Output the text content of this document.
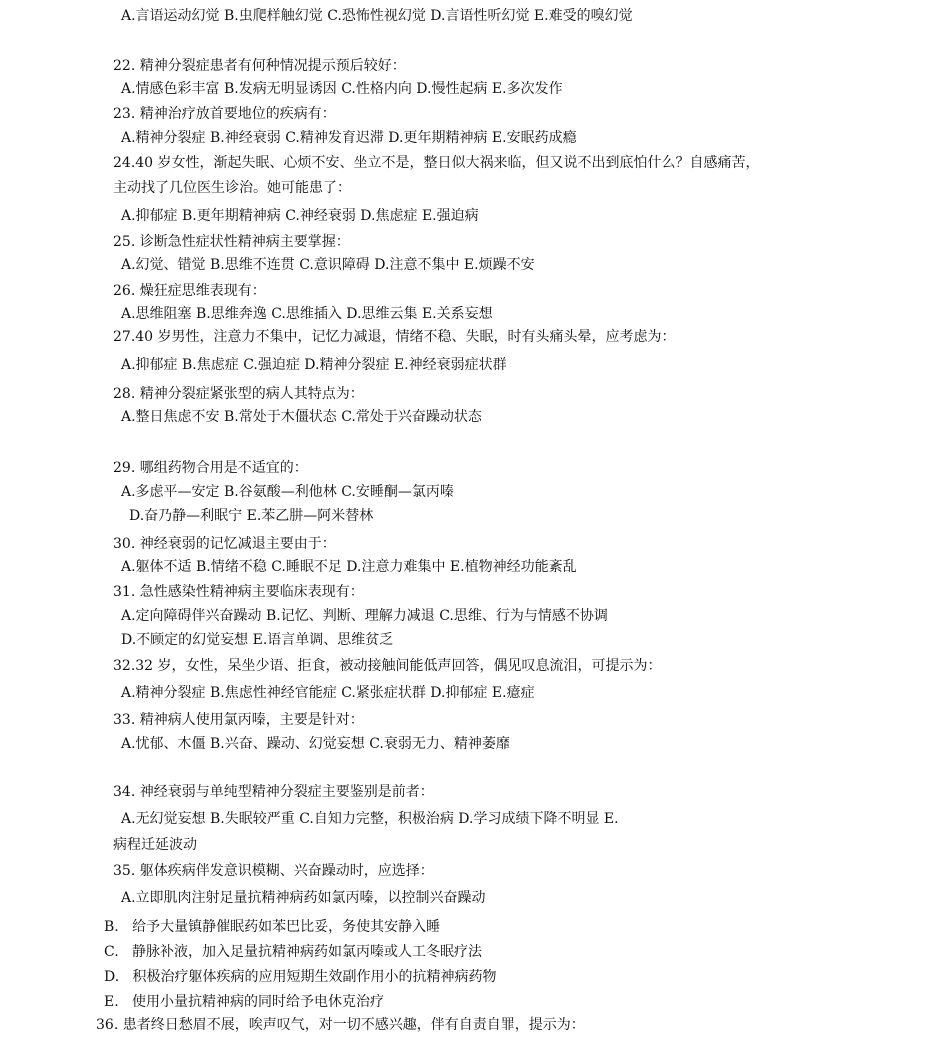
A.言语运动幻觉 B.虫爬样触幻觉 C.恐怖性视幻觉 D.言语性听幻觉 E.难受的嗅幻觉
22. 精神分裂症患者有何种情况提示预后较好：
A.情感色彩丰富 B.发病无明显诱因 C.性格内向 D.慢性起病 E.多次发作
23. 精神治疗放首要地位的疾病有：
A.精神分裂症 B.神经衰弱 C.精神发育迟滞 D.更年期精神病 E.安眠药成瘾
24.40 岁女性，渐起失眠、心烦不安、坐立不是，整日似大祸来临，但又说不出到底怕什么？自感痛苦，
主动找了几位医生诊治。她可能患了：
A.抑郁症 B.更年期精神病 C.神经衰弱 D.焦虑症 E.强迫病
25. 诊断急性症状性精神病主要掌握：
A.幻觉、错觉 B.思维不连贯 C.意识障碍 D.注意不集中 E.烦躁不安
26. 燥狂症思维表现有：
A.思维阻塞 B.思维奔逸 C.思维插入 D.思维云集 E.关系妄想
27.40 岁男性，注意力不集中，记忆力减退，情绪不稳、失眠，时有头痛头晕，应考虑为：
A.抑郁症 B.焦虑症 C.强迫症 D.精神分裂症 E.神经衰弱症状群
28. 精神分裂症紧张型的病人其特点为：
A.整日焦虑不安 B.常处于木僵状态 C.常处于兴奋躁动状态
29. 哪组药物合用是不适宜的：
A.多虑平—安定 B.谷氨酸—利他林 C.安睡酮—氯丙嗪
D.奋乃静—利眠宁 E.苯乙肼—阿米替林
30. 神经衰弱的记忆减退主要由于：
A.躯体不适 B.情绪不稳 C.睡眠不足 D.注意力难集中 E.植物神经功能紊乱
31. 急性感染性精神病主要临床表现有：
A.定向障碍伴兴奋躁动 B.记忆、判断、理解力减退 C.思维、行为与情感不协调
D.不顾定的幻觉妄想 E.语言单调、思维贫乏
32.32 岁，女性，呆坐少语、拒食，被动接触间能低声回答，偶见叹息流泪，可提示为：
A.精神分裂症 B.焦虑性神经官能症 C.紧张症状群 D.抑郁症 E.癔症
33. 精神病人使用氯丙嗪，主要是针对：
A.忧郁、木僵 B.兴奋、躁动、幻觉妄想 C.衰弱无力、精神萎靡
34. 神经衰弱与单纯型精神分裂症主要鉴别是前者：
A.无幻觉妄想 B.失眠较严重 C.自知力完整，积极治病 D.学习成绩下降不明显 E.
病程迁延波动
35. 躯体疾病伴发意识模糊、兴奋躁动时，应选择：
A.立即肌肉注射足量抗精神病药如氯丙嗪，以控制兴奋躁动
B.   给予大量镇静催眠药如苯巴比妥，务使其安静入睡
C.   静脉补液，加入足量抗精神病药如氯丙嗪或人工冬眠疗法
D.   积极治疗躯体疾病的应用短期生效副作用小的抗精神病药物
E.   使用小量抗精神病的同时给予电休克治疗
36. 患者终日愁眉不展，唉声叹气，对一切不感兴趣，伴有自责自罪，提示为：
